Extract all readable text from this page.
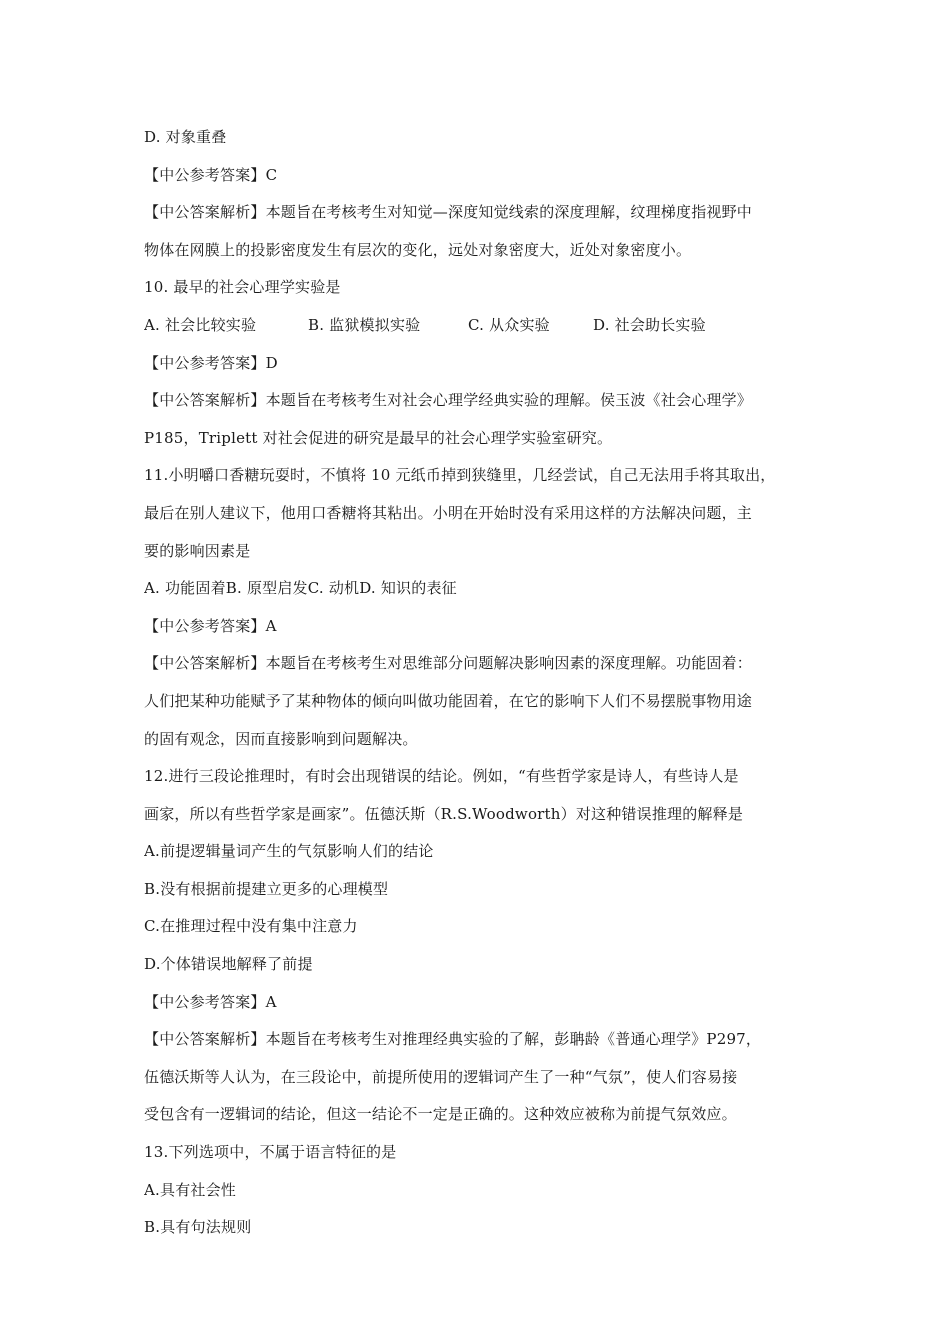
D. 对象重叠
【中公参考答案】C
【中公答案解析】本题旨在考核考生对知觉—深度知觉线索的深度理解，纹理梯度指视野中
物体在网膜上的投影密度发生有层次的变化，远处对象密度大，近处对象密度小。
10. 最早的社会心理学实验是
A. 社会比较实验	B. 监狱模拟实验	C. 从众实验	D. 社会助长实验
【中公参考答案】D
【中公答案解析】本题旨在考核考生对社会心理学经典实验的理解。侯玉波《社会心理学》
P185，Triplett 对社会促进的研究是最早的社会心理学实验室研究。
11.小明嚼口香糖玩耍时，不慎将 10 元纸币掉到狭缝里，几经尝试，自己无法用手将其取出，
最后在别人建议下，他用口香糖将其粘出。小明在开始时没有采用这样的方法解决问题，主
要的影响因素是
A. 功能固着B. 原型启发C. 动机D. 知识的表征
【中公参考答案】A
【中公答案解析】本题旨在考核考生对思维部分问题解决影响因素的深度理解。功能固着：
人们把某种功能赋予了某种物体的倾向叫做功能固着，在它的影响下人们不易摆脱事物用途
的固有观念，因而直接影响到问题解决。
12.进行三段论推理时，有时会出现错误的结论。例如，“有些哲学家是诗人，有些诗人是
画家，所以有些哲学家是画家”。伍德沃斯（R.S.Woodworth）对这种错误推理的解释是
A.前提逻辑量词产生的气氛影响人们的结论
B.没有根据前提建立更多的心理模型
C.在推理过程中没有集中注意力
D.个体错误地解释了前提
【中公参考答案】A
【中公答案解析】本题旨在考核考生对推理经典实验的了解，彭聃龄《普通心理学》P297，
伍德沃斯等人认为，在三段论中，前提所使用的逻辑词产生了一种“气氛”，使人们容易接
受包含有一逻辑词的结论，但这一结论不一定是正确的。这种效应被称为前提气氛效应。
13.下列选项中，不属于语言特征的是
A.具有社会性
B.具有句法规则
